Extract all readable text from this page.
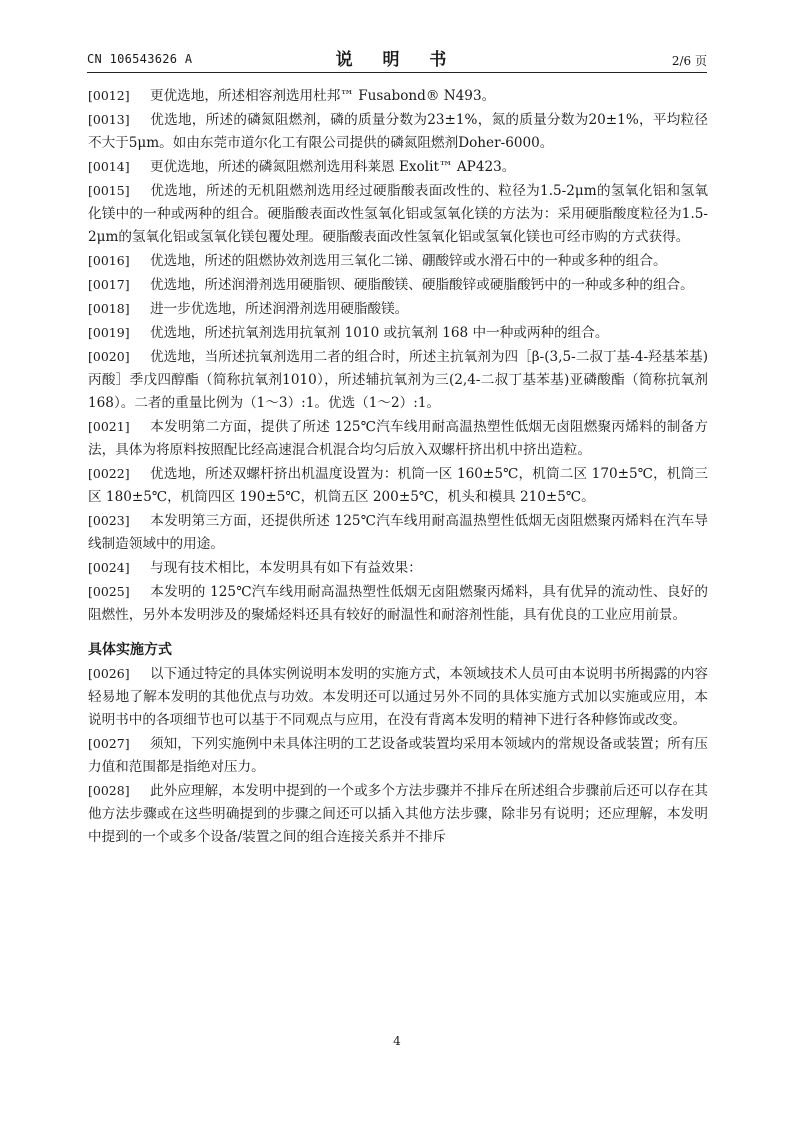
CN 106543626 A	说 明 书	2/6 页

[0012] 更优选地，所述相容剂选用杜邦™ Fusabond® N493。

[0013] 优选地，所述的磷氮阻燃剂，磷的质量分数为23±1%，氮的质量分数为20±1%，平均粒径不大于5μm。如由东莞市道尔化工有限公司提供的磷氮阻燃剂Doher-6000。

[0014] 更优选地，所述的磷氮阻燃剂选用科莱恩 Exolit™ AP423。

[0015] 优选地，所述的无机阻燃剂选用经过硬脂酸表面改性的、粒径为1.5-2μm的氢氧化铝和氢氧化镁中的一种或两种的组合。硬脂酸表面改性氢氧化铝或氢氧化镁的方法为：采用硬脂酸度粒径为1.5-2μm的氢氧化铝或氢氧化镁包覆处理。硬脂酸表面改性氢氧化铝或氢氧化镁也可经市购的方式获得。

[0016] 优选地，所述的阻燃协效剂选用三氧化二锑、硼酸锌或水滑石中的一种或多种的组合。

[0017] 优选地，所述润滑剂选用硬脂钡、硬脂酸镁、硬脂酸锌或硬脂酸钙中的一种或多种的组合。

[0018] 进一步优选地，所述润滑剂选用硬脂酸镁。

[0019] 优选地，所述抗氧剂选用抗氧剂 1010 或抗氧剂 168 中一种或两种的组合。

[0020] 优选地，当所述抗氧剂选用二者的组合时，所述主抗氧剂为四［β-(3,5-二叔丁基-4-羟基苯基)丙酸］季戊四醇酯（简称抗氧剂1010），所述辅抗氧剂为三(2,4-二叔丁基苯基)亚磷酸酯（简称抗氧剂 168）。二者的重量比例为（1～3）:1。优选（1～2）:1。

[0021] 本发明第二方面，提供了所述 125℃汽车线用耐高温热塑性低烟无卤阻燃聚丙烯料的制备方法，具体为将原料按照配比经高速混合机混合均匀后放入双螺杆挤出机中挤出造粒。

[0022] 优选地，所述双螺杆挤出机温度设置为：机筒一区 160±5℃，机筒二区 170±5℃，机筒三区 180±5℃，机筒四区 190±5℃，机筒五区 200±5℃，机头和模具 210±5℃。

[0023] 本发明第三方面，还提供所述 125℃汽车线用耐高温热塑性低烟无卤阻燃聚丙烯料在汽车导线制造领域中的用途。

[0024] 与现有技术相比，本发明具有如下有益效果：

[0025] 本发明的 125℃汽车线用耐高温热塑性低烟无卤阻燃聚丙烯料，具有优异的流动性、良好的阻燃性，另外本发明涉及的聚烯烃料还具有较好的耐温性和耐溶剂性能，具有优良的工业应用前景。

具体实施方式

[0026] 以下通过特定的具体实例说明本发明的实施方式，本领域技术人员可由本说明书所揭露的内容轻易地了解本发明的其他优点与功效。本发明还可以通过另外不同的具体实施方式加以实施或应用，本说明书中的各项细节也可以基于不同观点与应用，在没有背离本发明的精神下进行各种修饰或改变。

[0027] 须知，下列实施例中未具体注明的工艺设备或装置均采用本领域内的常规设备或装置；所有压力值和范围都是指绝对压力。

[0028] 此外应理解，本发明中提到的一个或多个方法步骤并不排斥在所述组合步骤前后还可以存在其他方法步骤或在这些明确提到的步骤之间还可以插入其他方法步骤，除非另有说明；还应理解，本发明中提到的一个或多个设备/装置之间的组合连接关系并不排斥

4
